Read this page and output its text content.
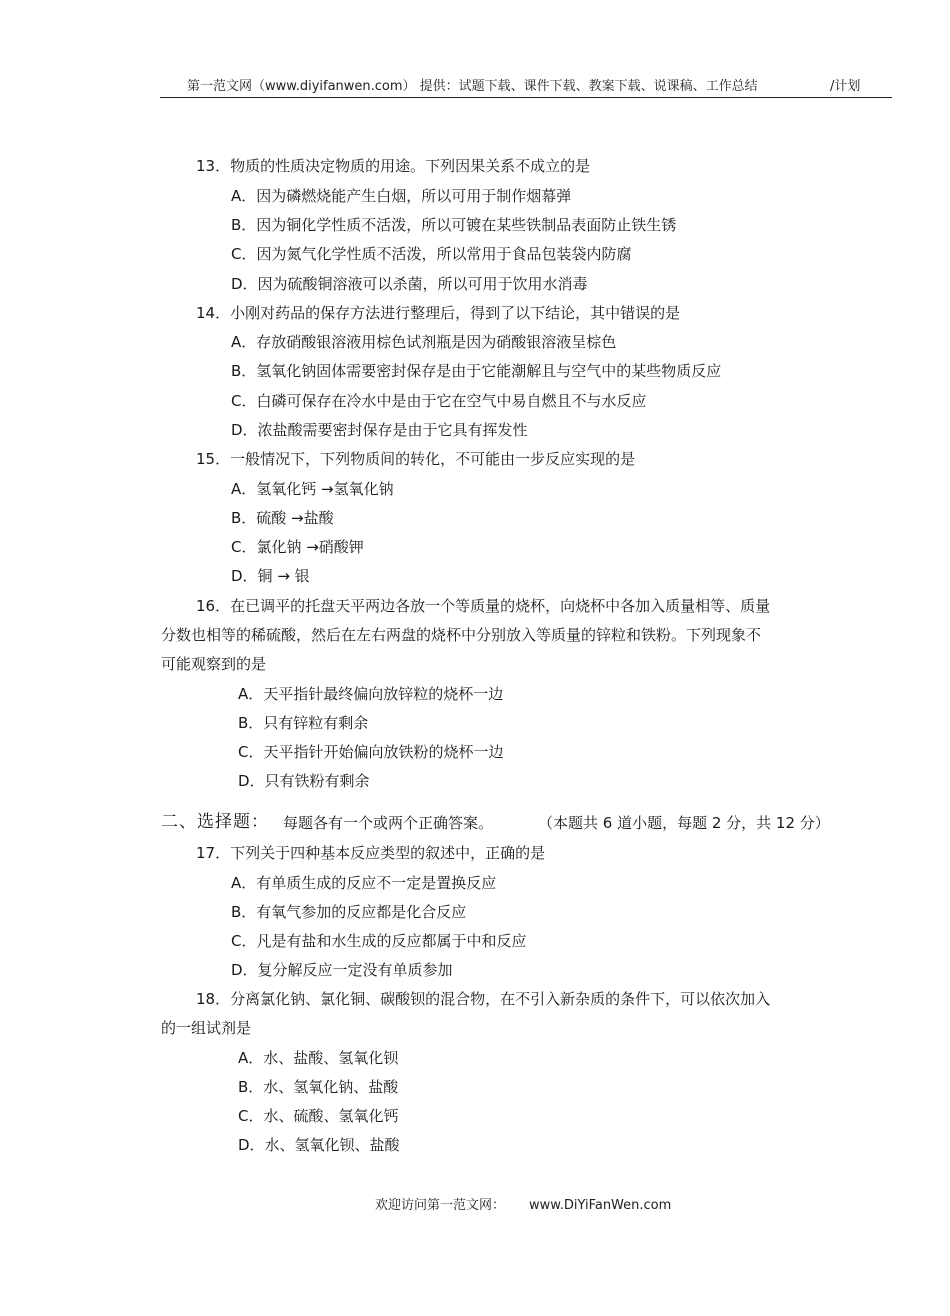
第一范文网（www.diyifanwen.com） 提供：试题下载、课件下载、教案下载、说课稿、工作总结	/计划
13．物质的性质决定物质的用途。下列因果关系不成立的是
A．因为磷燃烧能产生白烟，所以可用于制作烟幕弹
B．因为铜化学性质不活泼，所以可镀在某些铁制品表面防止铁生锈
C．因为氮气化学性质不活泼，所以常用于食品包装袋内防腐
D．因为硫酸铜溶液可以杀菌，所以可用于饮用水消毒
14．小刚对药品的保存方法进行整理后，得到了以下结论，其中错误的是
A．存放硝酸银溶液用棕色试剂瓶是因为硝酸银溶液呈棕色
B．氢氧化钠固体需要密封保存是由于它能潮解且与空气中的某些物质反应
C．白磷可保存在冷水中是由于它在空气中易自燃且不与水反应
D．浓盐酸需要密封保存是由于它具有挥发性
15．一般情况下，下列物质间的转化，不可能由一步反应实现的是
A．氢氧化钙 →氢氧化钠
B．硫酸 →盐酸
C．氯化钠 →硝酸钾
D．铜 → 银
16．在已调平的托盘天平两边各放一个等质量的烧杯，向烧杯中各加入质量相等、质量
分数也相等的稀硫酸，然后在左右两盘的烧杯中分别放入等质量的锌粒和铁粉。下列现象不
可能观察到的是
A．天平指针最终偏向放锌粒的烧杯一边
B．只有锌粒有剩余
C．天平指针开始偏向放铁粉的烧杯一边
D．只有铁粉有剩余
二、选择题： 每题各有一个或两个正确答案。	（本题共 6 道小题，每题 2 分，共 12 分）
17．下列关于四种基本反应类型的叙述中，正确的是
A．有单质生成的反应不一定是置换反应
B．有氧气参加的反应都是化合反应
C．凡是有盐和水生成的反应都属于中和反应
D．复分解反应一定没有单质参加
18．分离氯化钠、氯化铜、碳酸钡的混合物，在不引入新杂质的条件下，可以依次加入
的一组试剂是
A．水、盐酸、氢氧化钡
B．水、氢氧化钠、盐酸
C．水、硫酸、氢氧化钙
D．水、氢氧化钡、盐酸
欢迎访问第一范文网： www.DiYiFanWen.com
